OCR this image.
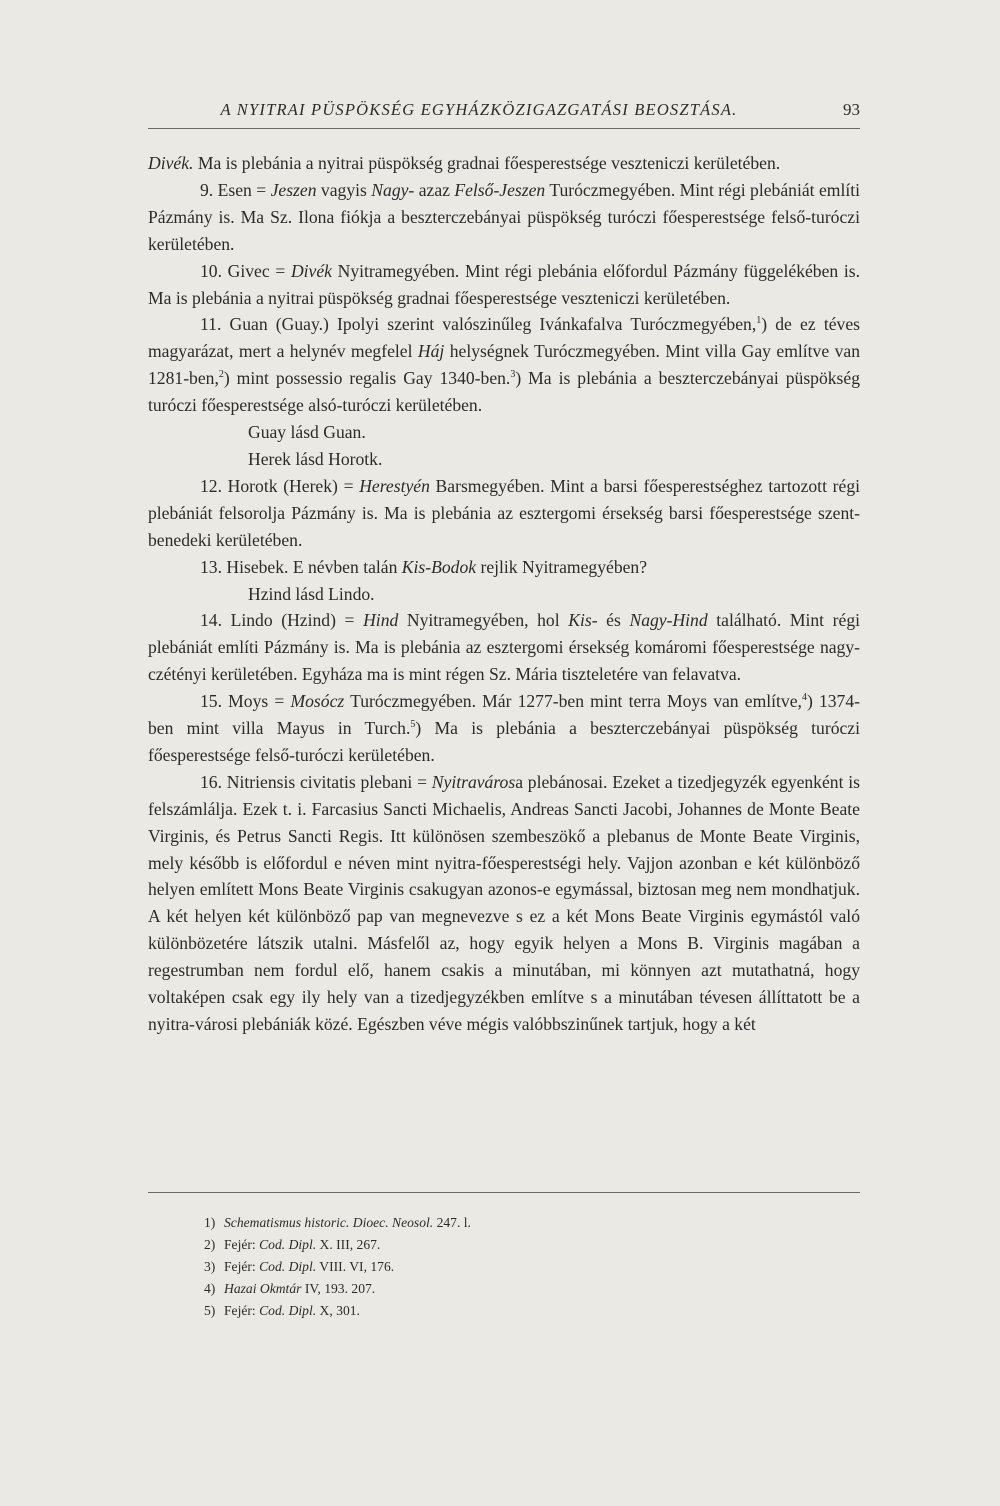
A NYITRAI PÜSPÖKSÉG EGYHÁZKÖZIGAZGATÁSI BEOSZTÁSA.	93

Divék. Ma is plebánia a nyitrai püspökség gradnai főesperestsége veszteniczi kerületében.

9. Esen = Jeszen vagyis Nagy- azaz Felső-Jeszen Turóczmegyében. Mint régi plebániát említi Pázmány is. Ma Sz. Ilona fiókja a beszterczebányai püspökség turóczi főesperestsége felső-turóczi kerületében.

10. Givec = Divék Nyitramegyében. Mint régi plebánia előfordul Pázmány függelékében is. Ma is plebánia a nyitrai püspökség gradnai főesperestsége veszteniczi kerületében.

11. Guan (Guay.) Ipolyi szerint valószinűleg Ivánkafalva Turóczmegyében,$^1$) de ez téves magyarázat, mert a helynév megfelel Háj helységnek Turóczmegyében. Mint villa Gay említve van 1281-ben,$^2$) mint possessio regalis Gay 1340-ben.$^3$) Ma is plebánia a beszterczebányai püspökség turóczi főesperestsége alsó-turóczi kerületében.

Guay lásd Guan.

Herek lásd Horotk.

12. Horotk (Herek) = Herestyén Barsmegyében. Mint a barsi főesperestséghez tartozott régi plebániát felsorolja Pázmány is. Ma is plebánia az esztergomi érsekség barsi főesperestsége szent-benedeki kerületében.

13. Hisebek. E névben talán Kis-Bodok rejlik Nyitramegyében?

Hzind lásd Lindo.

14. Lindo (Hzind) = Hind Nyitramegyében, hol Kis- és Nagy-Hind található. Mint régi plebániát említi Pázmány is. Ma is plebánia az esztergomi érsekség komáromi főesperestsége nagy-czétényi kerületében. Egyháza ma is mint régen Sz. Mária tiszteletére van felavatva.

15. Moys = Mosócz Turóczmegyében. Már 1277-ben mint terra Moys van említve,$^4$) 1374-ben mint villa Mayus in Turch.$^5$) Ma is plebánia a beszterczebányai püspökség turóczi főesperestsége felső-turóczi kerületében.

16. Nitriensis civitatis plebani = Nyitravárosa plebánosai. Ezeket a tizedjegyzék egyenként is felszámlálja. Ezek t. i. Farcasius Sancti Michaelis, Andreas Sancti Jacobi, Johannes de Monte Beate Virginis, és Petrus Sancti Regis. Itt különösen szembeszökő a plebanus de Monte Beate Virginis, mely később is előfordul e néven mint nyitra-főesperestségi hely. Vajjon azonban e két különböző helyen említett Mons Beate Virginis csakugyan azonos-e egymással, biztosan meg nem mondhatjuk. A két helyen két különböző pap van megnevezve s ez a két Mons Beate Virginis egymástól való különbözetére látszik utalni. Másfelől az, hogy egyik helyen a Mons B. Virginis magában a regestrumban nem fordul elő, hanem csakis a minutában, mi könnyen azt mutathatná, hogy voltaképen csak egy ily hely van a tizedjegyzékben említve s a minutában tévesen állíttatott be a nyitra-városi plebániák közé. Egészben véve mégis valóbbszinűnek tartjuk, hogy a két

1) Schematismus historic. Dioec. Neosol. 247. l.
2) Fejér: Cod. Dipl. X. III, 267.
3) Fejér: Cod. Dipl. VIII. VI, 176.
4) Hazai Okmtár IV, 193. 207.
5) Fejér: Cod. Dipl. X, 301.
